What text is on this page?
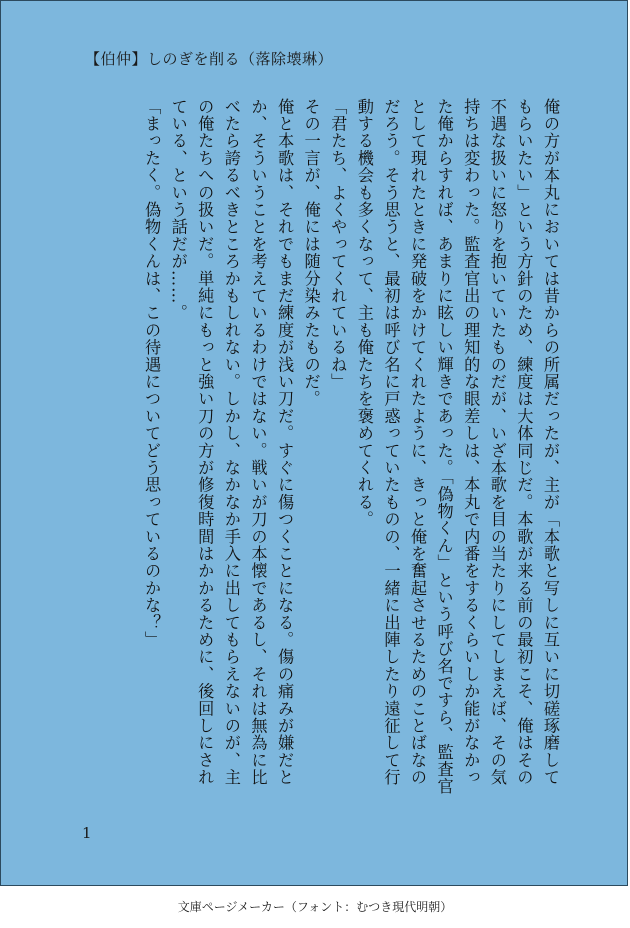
【伯仲】しのぎを削る（落除壊琳）

俺の方が本丸においては昔からの所属だったが、主が「本歌と写しに互いに切磋琢磨してもらいたい」という方針のため、練度は大体同じだ。本歌が来る前の最初こそ、俺はその不遇な扱いに怒りを抱いていたものだが、いざ本歌を目の当たりにしてしまえば、その気持ちは変わった。監査官出の理知的な眼差しは、本丸で内番をするくらいしか能がなかった俺からすれば、あまりに眩しい輝きであった。「偽物くん」という呼び名ですら、監査官として現れたときに発破をかけてくれたように、きっと俺を奮起させるためのことばなのだろう。そう思うと、最初は呼び名に戸惑っていたものの、一緒に出陣したり遠征して行動する機会も多くなって、主も俺たちを褒めてくれる。

「君たち、よくやってくれているね」

その一言が、俺には随分染みたものだ。

俺と本歌は、それでもまだ練度が浅い刀だ。すぐに傷つくことになる。傷の痛みが嫌だとか、そういうことを考えているわけではない。戦いが刀の本懐であるし、それは無為に比べたら誇るべきところかもしれない。しかし、なかなか手入に出してもらえないのが、主の俺たちへの扱いだ。単純にもっと強い刀の方が修復時間はかかるために、後回しにされている、という話だが……。

「まったく。偽物くんは、この待遇についてどう思っているのかな？」

1
文庫ページメーカー（フォント：むつき現代明朝）
